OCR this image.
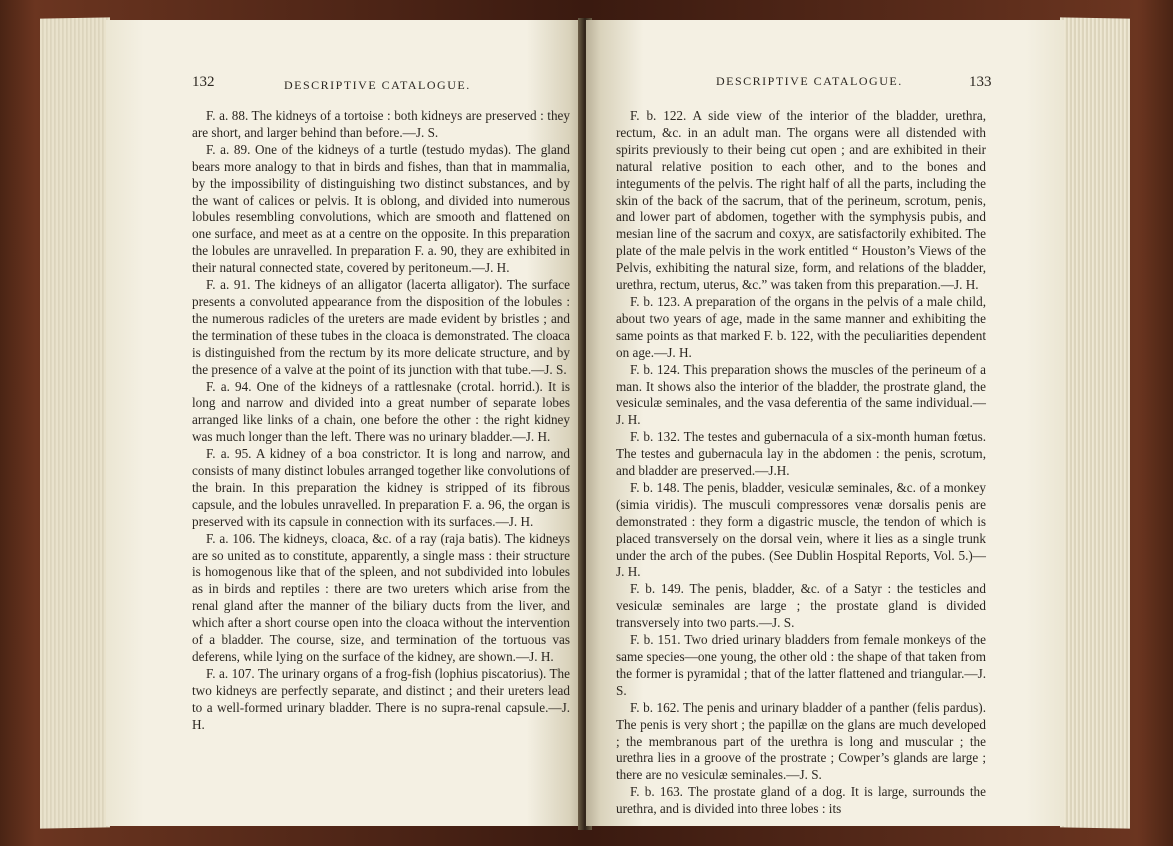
132	DESCRIPTIVE CATALOGUE.

F. a. 88. The kidneys of a tortoise : both kidneys are preserved : they are short, and larger behind than before.—J. S.

F. a. 89. One of the kidneys of a turtle (testudo mydas). The gland bears more analogy to that in birds and fishes, than that in mammalia, by the impossibility of distinguishing two distinct substances, and by the want of calices or pelvis. It is oblong, and divided into numerous lobules resembling convolutions, which are smooth and flattened on one surface, and meet as at a centre on the opposite. In this preparation the lobules are unravelled. In preparation F. a. 90, they are exhibited in their natural connected state, covered by peritoneum.—J. H.

F. a. 91. The kidneys of an alligator (lacerta alligator). The surface presents a convoluted appearance from the disposition of the lobules : the numerous radicles of the ureters are made evident by bristles ; and the termination of these tubes in the cloaca is demonstrated. The cloaca is distinguished from the rectum by its more delicate structure, and by the presence of a valve at the point of its junction with that tube.—J. S.

F. a. 94. One of the kidneys of a rattlesnake (crotal. horrid.). It is long and narrow and divided into a great number of separate lobes arranged like links of a chain, one before the other : the right kidney was much longer than the left. There was no urinary bladder.—J. H.

F. a. 95. A kidney of a boa constrictor. It is long and narrow, and consists of many distinct lobules arranged together like convolutions of the brain. In this preparation the kidney is stripped of its fibrous capsule, and the lobules unravelled. In preparation F. a. 96, the organ is preserved with its capsule in connection with its surfaces.—J. H.

F. a. 106. The kidneys, cloaca, &c. of a ray (raja batis). The kidneys are so united as to constitute, apparently, a single mass : their structure is homogenous like that of the spleen, and not subdivided into lobules as in birds and reptiles : there are two ureters which arise from the renal gland after the manner of the biliary ducts from the liver, and which after a short course open into the cloaca without the intervention of a bladder. The course, size, and termination of the tortuous vas deferens, while lying on the surface of the kidney, are shown.—J. H.

F. a. 107. The urinary organs of a frog-fish (lophius piscatorius). The two kidneys are perfectly separate, and distinct ; and their ureters lead to a well-formed urinary bladder. There is no supra-renal capsule.—J. H.

DESCRIPTIVE CATALOGUE.	133

F. b. 122. A side view of the interior of the bladder, urethra, rectum, &c. in an adult man. The organs were all distended with spirits previously to their being cut open ; and are exhibited in their natural relative position to each other, and to the bones and integuments of the pelvis. The right half of all the parts, including the skin of the back of the sacrum, that of the perineum, scrotum, penis, and lower part of abdomen, together with the symphysis pubis, and mesian line of the sacrum and coxyx, are satisfactorily exhibited. The plate of the male pelvis in the work entitled “ Houston’s Views of the Pelvis, exhibiting the natural size, form, and relations of the bladder, urethra, rectum, uterus, &c.” was taken from this preparation.—J. H.

F. b. 123. A preparation of the organs in the pelvis of a male child, about two years of age, made in the same manner and exhibiting the same points as that marked F. b. 122, with the peculiarities dependent on age.—J. H.

F. b. 124. This preparation shows the muscles of the perineum of a man. It shows also the interior of the bladder, the prostrate gland, the vesiculæ seminales, and the vasa deferentia of the same individual.—J. H.

F. b. 132. The testes and gubernacula of a six-month human fœtus. The testes and gubernacula lay in the abdomen : the penis, scrotum, and bladder are preserved.—J.H.

F. b. 148. The penis, bladder, vesiculæ seminales, &c. of a monkey (simia viridis). The musculi compressores venæ dorsalis penis are demonstrated : they form a digastric muscle, the tendon of which is placed transversely on the dorsal vein, where it lies as a single trunk under the arch of the pubes. (See Dublin Hospital Reports, Vol. 5.)—J. H.

F. b. 149. The penis, bladder, &c. of a Satyr : the testicles and vesiculæ seminales are large ; the prostate gland is divided transversely into two parts.—J. S.

F. b. 151. Two dried urinary bladders from female monkeys of the same species—one young, the other old : the shape of that taken from the former is pyramidal ; that of the latter flattened and triangular.—J. S.

F. b. 162. The penis and urinary bladder of a panther (felis pardus). The penis is very short ; the papillæ on the glans are much developed ; the membranous part of the urethra is long and muscular ; the urethra lies in a groove of the prostrate ; Cowper’s glands are large ; there are no vesiculæ seminales.—J. S.

F. b. 163. The prostate gland of a dog. It is large, surrounds the urethra, and is divided into three lobes : its
